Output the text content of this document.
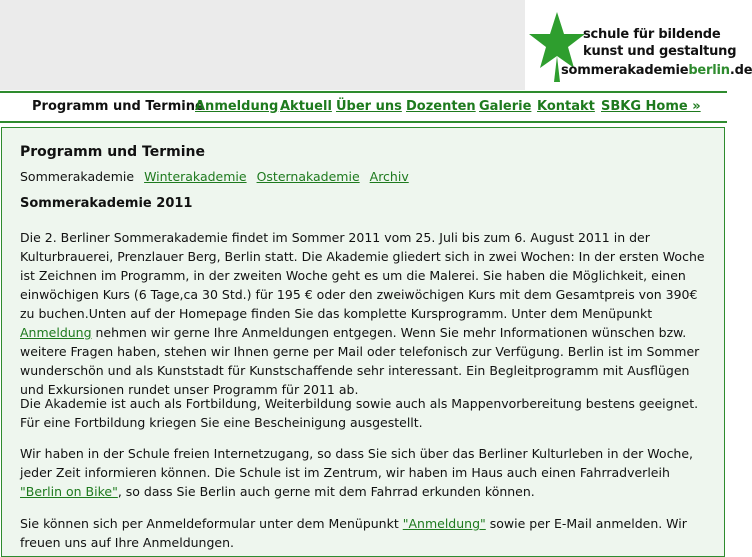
schule für bildende
kunst und gestaltung
sommerakademieberlin.de
Programm und Termine
Anmeldung Aktuell Über uns Dozenten Galerie Kontakt SBKG Home »
Programm und Termine
Sommerakademie Winterakademie Osternakademie Archiv
Sommerakademie 2011

Die 2. Berliner Sommerakademie findet im Sommer 2011 vom 25. Juli bis zum 6. August 2011 in der Kulturbrauerei, Prenzlauer Berg, Berlin statt. Die Akademie gliedert sich in zwei Wochen: In der ersten Woche ist Zeichnen im Programm, in der zweiten Woche geht es um die Malerei. Sie haben die Möglichkeit, einen einwöchigen Kurs (6 Tage,ca 30 Std.) für 195 € oder den zweiwöchigen Kurs mit dem Gesamtpreis von 390€ zu buchen.Unten auf der Homepage finden Sie das komplette Kursprogramm. Unter dem Menüpunkt Anmeldung nehmen wir gerne Ihre Anmeldungen entgegen. Wenn Sie mehr Informationen wünschen bzw. weitere Fragen haben, stehen wir Ihnen gerne per Mail oder telefonisch zur Verfügung. Berlin ist im Sommer wunderschön und als Kunststadt für Kunstschaffende sehr interessant. Ein Begleitprogramm mit Ausflügen und Exkursionen rundet unser Programm für 2011 ab.

Die Akademie ist auch als Fortbildung, Weiterbildung sowie auch als Mappenvorbereitung bestens geeignet. Für eine Fortbildung kriegen Sie eine Bescheinigung ausgestellt.

Wir haben in der Schule freien Internetzugang, so dass Sie sich über das Berliner Kulturleben in der Woche, jeder Zeit informieren können. Die Schule ist im Zentrum, wir haben im Haus auch einen Fahrradverleih "Berlin on Bike", so dass Sie Berlin auch gerne mit dem Fahrrad erkunden können.

Sie können sich per Anmeldeformular unter dem Menüpunkt "Anmeldung" sowie per E-Mail anmelden. Wir freuen uns auf Ihre Anmeldungen.
